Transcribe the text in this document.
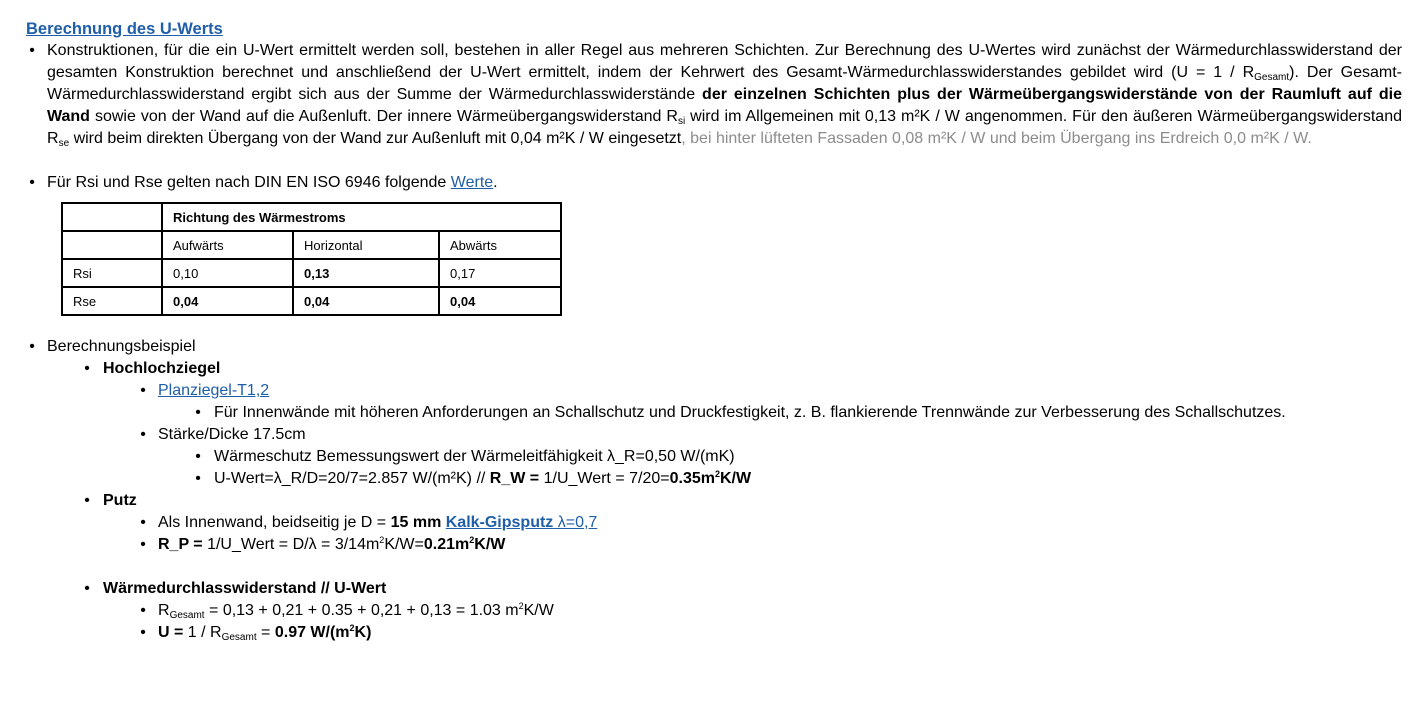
Berechnung des U-Werts
• Konstruktionen, für die ein U-Wert ermittelt werden soll, bestehen in aller Regel aus mehreren Schichten. Zur Berechnung des U-Wertes wird zunächst der Wärmedurchlasswiderstand der gesamten Konstruktion berechnet und anschließend der U-Wert ermittelt, indem der Kehrwert des Gesamt-Wärmedurchlasswiderstandes gebildet wird $(U = 1 / R_{Gesamt})$. Der Gesamt-Wärmedurchlasswiderstand ergibt sich aus der Summe der Wärmedurchlasswiderstände der einzelnen Schichten plus der Wärmeübergangswiderstände von der Raumluft auf die Wand sowie von der Wand auf die Außenluft. Der innere Wärmeübergangswiderstand $R_{si}$ wird im Allgemeinen mit 0,13 m²K / W angenommen. Für den äußeren Wärmeübergangswiderstand $R_{se}$ wird beim direkten Übergang von der Wand zur Außenluft mit 0,04 m²K / W eingesetzt, bei hinter lüfteten Fassaden 0,08 m²K / W und beim Übergang ins Erdreich 0,0 m²K / W.
• Für Rsi und Rse gelten nach DIN EN ISO 6946 folgende Werte.
	Richtung des Wärmestroms		
	Aufwärts	Horizontal	Abwärts
Rsi	0,10	0,13	0,17
Rse	0,04	0,04	0,04
• Berechnungsbeispiel
• Hochlochziegel
• Planziegel-T1,2
• Für Innenwände mit höheren Anforderungen an Schallschutz und Druckfestigkeit, z. B. flankierende Trennwände zur Verbesserung des Schallschutzes.
• Stärke/Dicke 17.5cm
• Wärmeschutz Bemessungswert der Wärmeleitfähigkeit λ_R=0,50 W/(mK)
• U-Wert=λ_R/D=20/7=2.857 W/(m²K) // R_W = 1/U_Wert = $7/20=0.35m^2K/W$
• Putz
• Als Innenwand, beidseitig je D = 15 mm Kalk-Gipsputz λ=0,7
• R_P = 1/U_Wert = $D/\lambda = 3/14m^2K/W=0.21m^2K/W$
• Wärmedurchlasswiderstand // U-Wert
• $R_{Gesamt} = 0,13 + 0,21 + 0.35 + 0,21 + 0,13 = 1.03$ $m^2K/W$
• $U = 1 / R_{Gesamt} = 0.97$ $W/(m^2K)$
